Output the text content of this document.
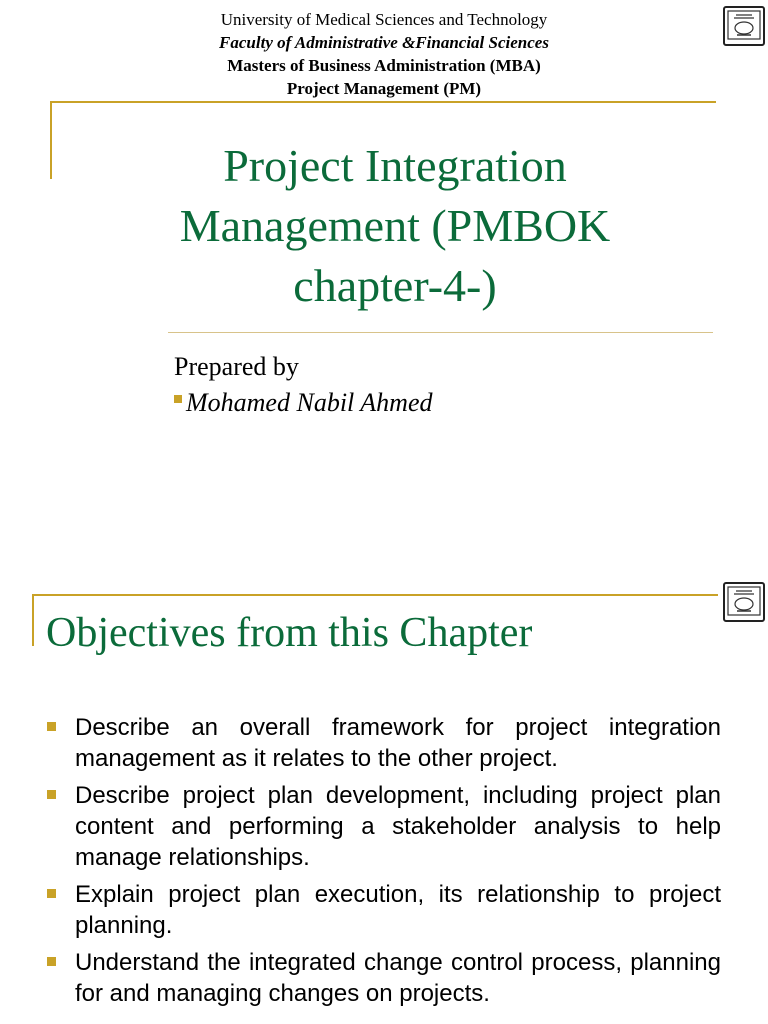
University of Medical Sciences and Technology
Faculty of Administrative &Financial Sciences
Masters of Business Administration (MBA)
Project Management (PM)
Project Integration Management (PMBOK chapter-4-)
Prepared by
Mohamed Nabil Ahmed
Objectives from this Chapter
Describe an overall framework for project integration management as it relates to the other project.
Describe project plan development, including project plan content and performing a stakeholder analysis to help manage relationships.
Explain project plan execution, its relationship to project planning.
Understand the integrated change control process, planning for and managing changes on projects.
